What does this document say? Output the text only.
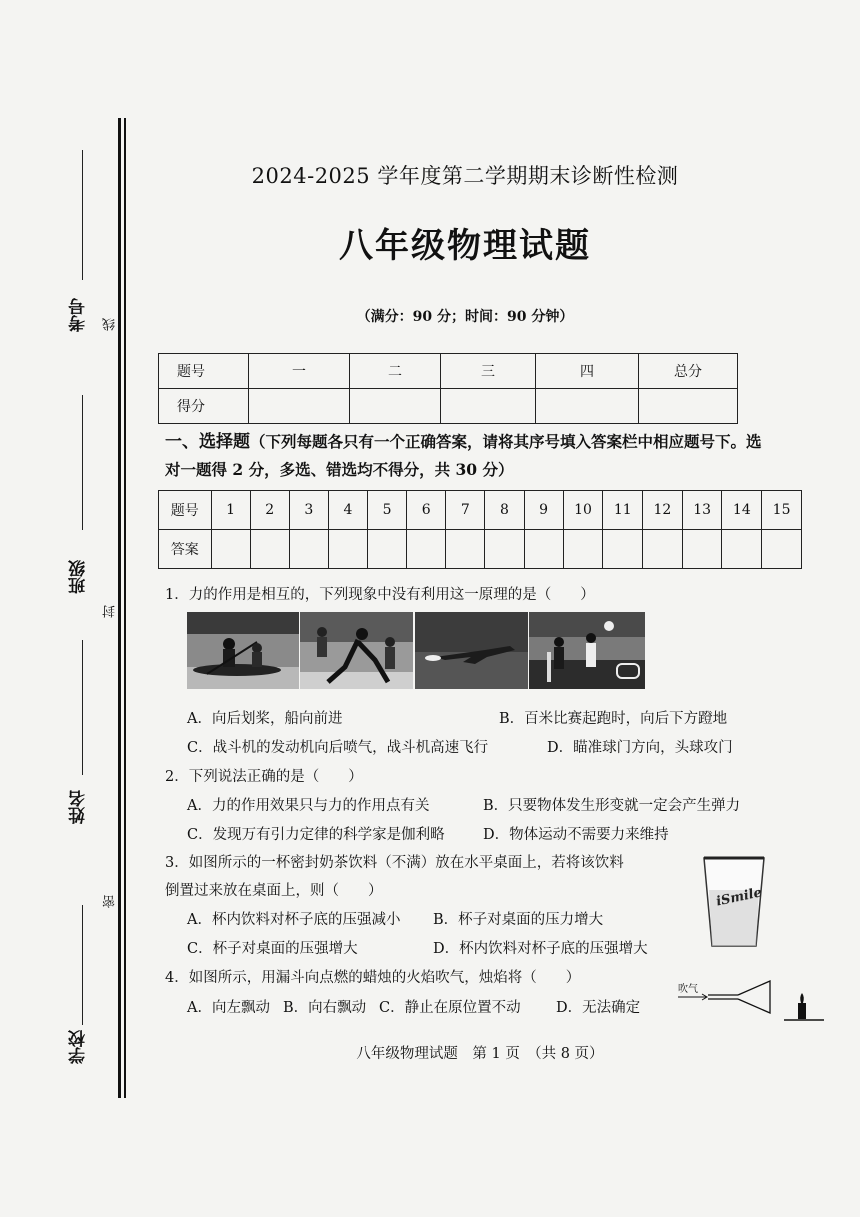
考号 线
班级
封
姓名
密
学校
2024-2025 学年度第二学期期末诊断性检测
八年级物理试题
（满分：90 分；时间：90 分钟）
题号	一	二	三	四	总分
得分					
一、选择题（下列每题各只有一个正确答案，请将其序号填入答案栏中相应题号下。选
对一题得 2 分，多选、错选均不得分，共 30 分）
题号	1	2	3	4	5	6	7	8	9	10	11	12	13	14	15
答案															
1．力的作用是相互的，下列现象中没有利用这一原理的是（　　）
A．向后划桨，船向前进	B．百米比赛起跑时，向后下方蹬地
C．战斗机的发动机向后喷气，战斗机高速飞行	D．瞄准球门方向，头球攻门
2．下列说法正确的是（　　）
A．力的作用效果只与力的作用点有关	B．只要物体发生形变就一定会产生弹力
C．发现万有引力定律的科学家是伽利略	D．物体运动不需要力来维持
3．如图所示的一杯密封奶茶饮料（不满）放在水平桌面上，若将该饮料
倒置过来放在桌面上，则（　　）
A．杯内饮料对杯子底的压强减小 B．杯子对桌面的压力增大
C．杯子对桌面的压强增大	D．杯内饮料对杯子底的压强增大
iSmile
4．如图所示，用漏斗向点燃的蜡烛的火焰吹气，烛焰将（　　）
A．向左飘动 B．向右飘动 C．静止在原位置不动 D．无法确定
吹气
八年级物理试题　第 1 页　（共 8 页）
